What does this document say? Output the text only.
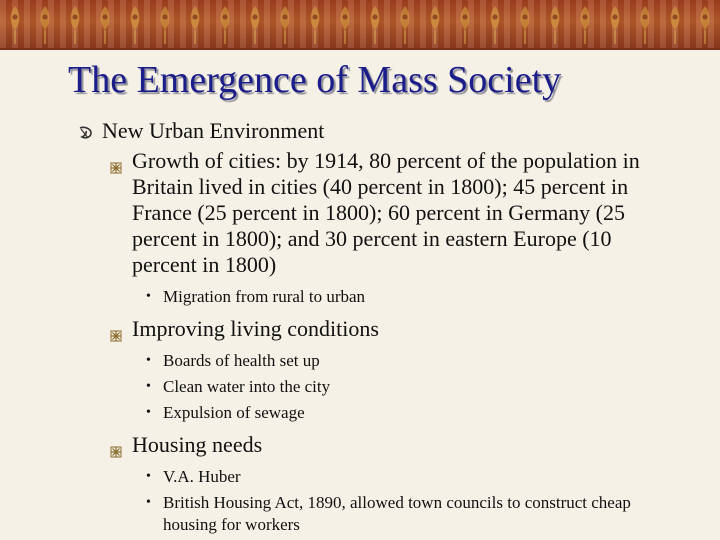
The Emergence of Mass Society
New Urban Environment
Growth of cities: by 1914, 80 percent of the population in Britain lived in cities (40 percent in 1800); 45 percent in France (25 percent in 1800); 60 percent in Germany (25 percent in 1800); and 30 percent in eastern Europe (10 percent in 1800)
• Migration from rural to urban
Improving living conditions
• Boards of health set up
• Clean water into the city
• Expulsion of sewage
Housing needs
• V.A. Huber
• British Housing Act, 1890, allowed town councils to construct cheap housing for workers
